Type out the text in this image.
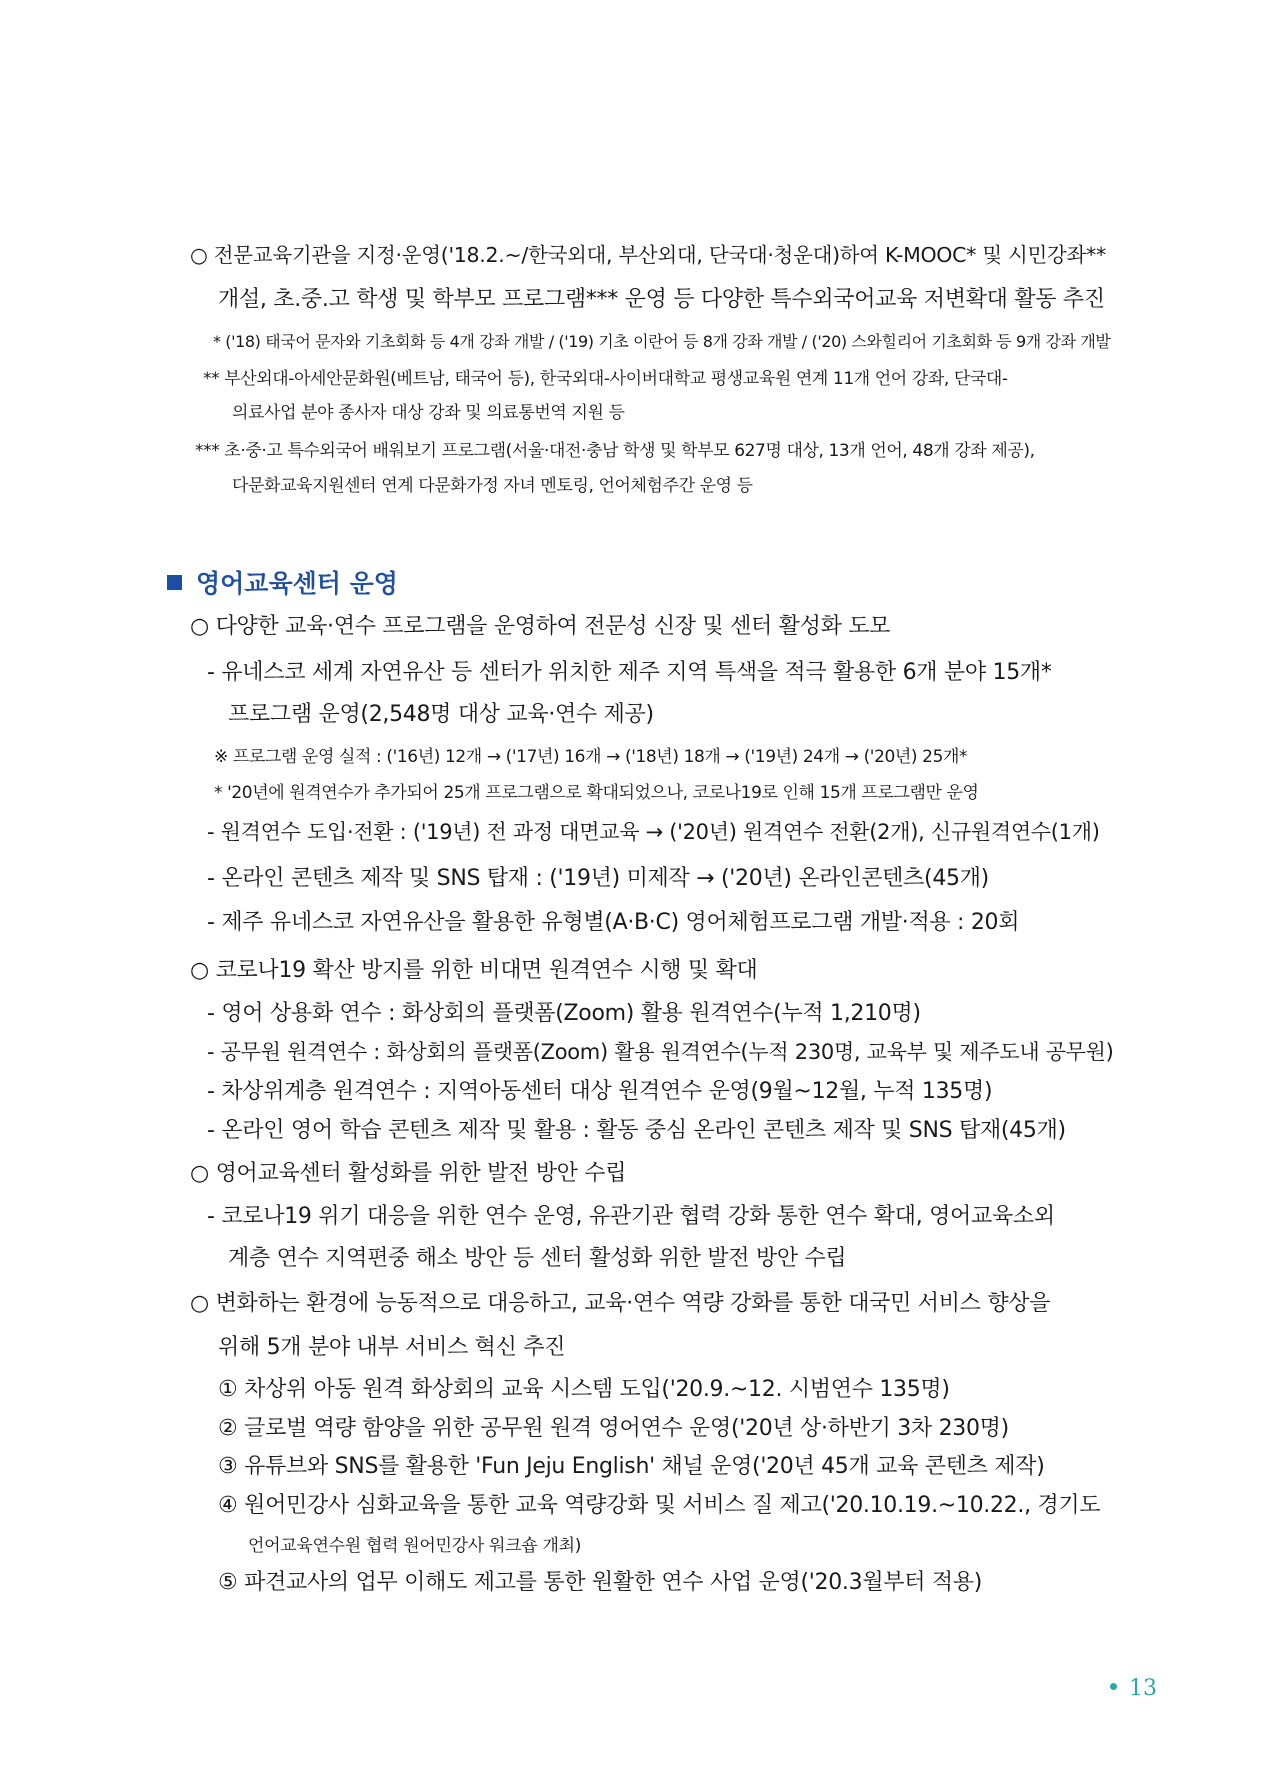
○ 전문교육기관을 지정·운영('18.2.~/한국외대, 부산외대, 단국대·청운대)하여 K-MOOC* 및 시민강좌**
개설, 초.중.고 학생 및 학부모 프로그램*** 운영 등 다양한 특수외국어교육 저변확대 활동 추진
* ('18) 태국어 문자와 기초회화 등 4개 강좌 개발 / ('19) 기초 이란어 등 8개 강좌 개발 / ('20) 스와힐리어 기초회화 등 9개 강좌 개발
** 부산외대-아세안문화원(베트남, 태국어 등), 한국외대-사이버대학교 평생교육원 연계 11개 언어 강좌, 단국대-
의료사업 분야 종사자 대상 강좌 및 의료통번역 지원 등
*** 초·중·고 특수외국어 배워보기 프로그램(서울·대전·충남 학생 및 학부모 627명 대상, 13개 언어, 48개 강좌 제공),
다문화교육지원센터 연계 다문화가정 자녀 멘토링, 언어체험주간 운영 등
영어교육센터 운영
○ 다양한 교육·연수 프로그램을 운영하여 전문성 신장 및 센터 활성화 도모
- 유네스코 세계 자연유산 등 센터가 위치한 제주 지역 특색을 적극 활용한 6개 분야 15개*
프로그램 운영(2,548명 대상 교육·연수 제공)
※ 프로그램 운영 실적 : ('16년) 12개 → ('17년) 16개 → ('18년) 18개 → ('19년) 24개 → ('20년) 25개*
* '20년에 원격연수가 추가되어 25개 프로그램으로 확대되었으나, 코로나19로 인해 15개 프로그램만 운영
- 원격연수 도입·전환 : ('19년) 전 과정 대면교육 → ('20년) 원격연수 전환(2개), 신규원격연수(1개)
- 온라인 콘텐츠 제작 및 SNS 탑재 : ('19년) 미제작 → ('20년) 온라인콘텐츠(45개)
- 제주 유네스코 자연유산을 활용한 유형별(A·B·C) 영어체험프로그램 개발·적용 : 20회
○ 코로나19 확산 방지를 위한 비대면 원격연수 시행 및 확대
- 영어 상용화 연수 : 화상회의 플랫폼(Zoom) 활용 원격연수(누적 1,210명)
- 공무원 원격연수 : 화상회의 플랫폼(Zoom) 활용 원격연수(누적 230명, 교육부 및 제주도내 공무원)
- 차상위계층 원격연수 : 지역아동센터 대상 원격연수 운영(9월~12월, 누적 135명)
- 온라인 영어 학습 콘텐츠 제작 및 활용 : 활동 중심 온라인 콘텐츠 제작 및 SNS 탑재(45개)
○ 영어교육센터 활성화를 위한 발전 방안 수립
- 코로나19 위기 대응을 위한 연수 운영, 유관기관 협력 강화 통한 연수 확대, 영어교육소외
계층 연수 지역편중 해소 방안 등 센터 활성화 위한 발전 방안 수립
○ 변화하는 환경에 능동적으로 대응하고, 교육·연수 역량 강화를 통한 대국민 서비스 향상을
위해 5개 분야 내부 서비스 혁신 추진
① 차상위 아동 원격 화상회의 교육 시스템 도입('20.9.~12. 시범연수 135명)
② 글로벌 역량 함양을 위한 공무원 원격 영어연수 운영('20년 상·하반기 3차 230명)
③ 유튜브와 SNS를 활용한 'Fun Jeju English' 채널 운영('20년 45개 교육 콘텐츠 제작)
④ 원어민강사 심화교육을 통한 교육 역량강화 및 서비스 질 제고('20.10.19.~10.22., 경기도
언어교육연수원 협력 원어민강사 워크숍 개최)
⑤ 파견교사의 업무 이해도 제고를 통한 원활한 연수 사업 운영('20.3월부터 적용)
13
